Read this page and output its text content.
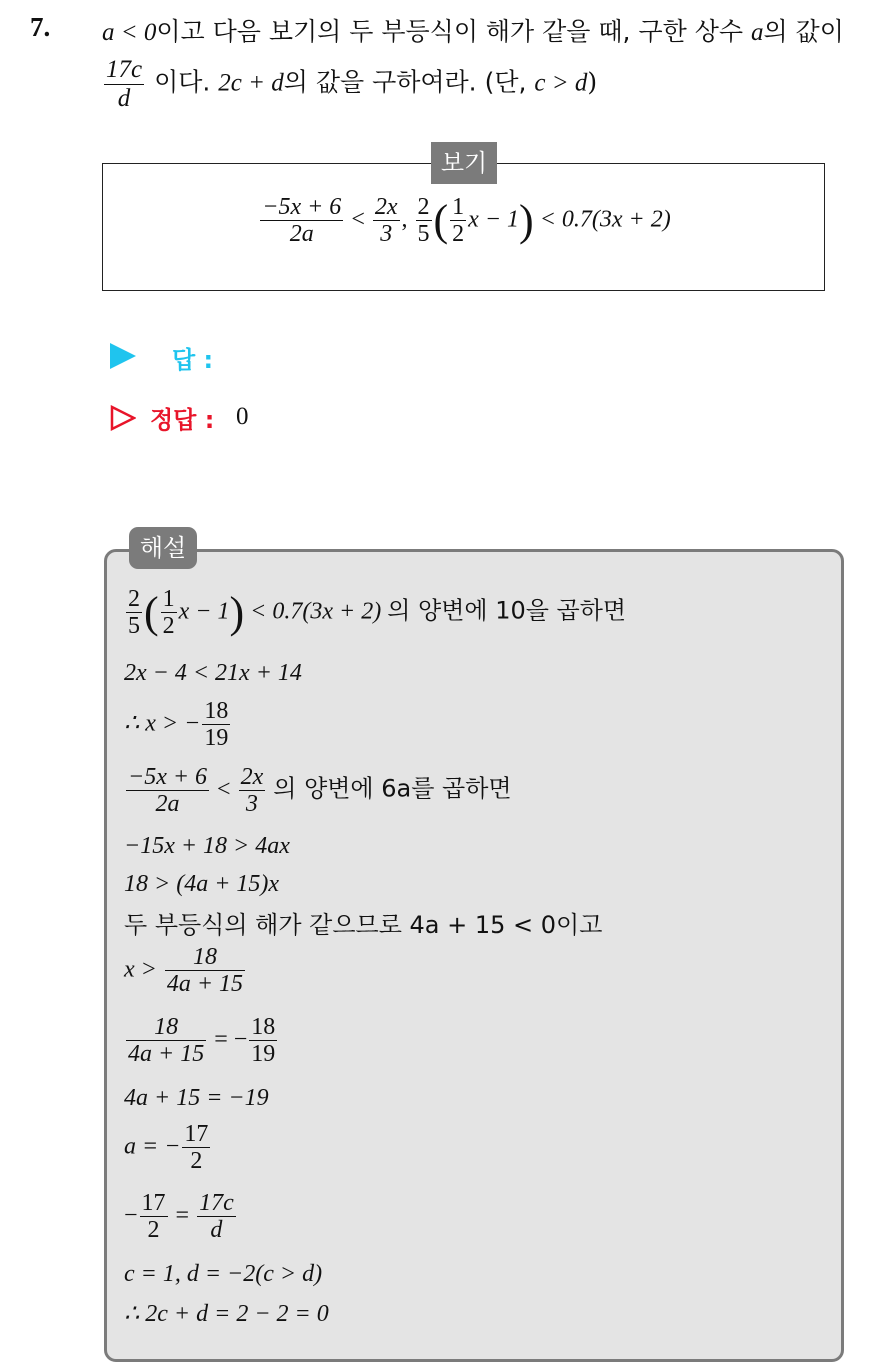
7. a < 0이고 다음 보기의 두 부등식이 해가 같을 때, 구한 상수 a의 값이
$\frac{17c}{d}$ 이다. 2c + d의 값을 구하여라. (단, c > d)
$\frac{-5x + 6}{2a} < \frac{2x}{3}$ , $\frac{2}{5}$ ( $\frac{1}{2}$ x − 1) < 0.7(3x + 2)
보기
답 :
정답 : 0
해설
$\frac{2}{5}$ ( $\frac{1}{2}$ x − 1) < 0.7(3x + 2) 의 양변에 10을 곱하면
2x − 4 < 21x + 14
∴ x > − $\frac{18}{19}$
$\frac{-5x + 6}{2a} < \frac{2x}{3}$ 의 양변에 6a를 곱하면
−15x + 18 > 4ax
18 > (4a + 15)x
두 부등식의 해가 같으므로 4a + 15 < 0이고
$x > \frac{18}{4a + 15}$
$\frac{18}{4a + 15}$ = − $\frac{18}{19}$
4a + 15 = −19
a = − $\frac{17}{2}$
− $\frac{17}{2} = \frac{17c}{d}$
c = 1, d = −2(c > d)
∴ 2c + d = 2 − 2 = 0
